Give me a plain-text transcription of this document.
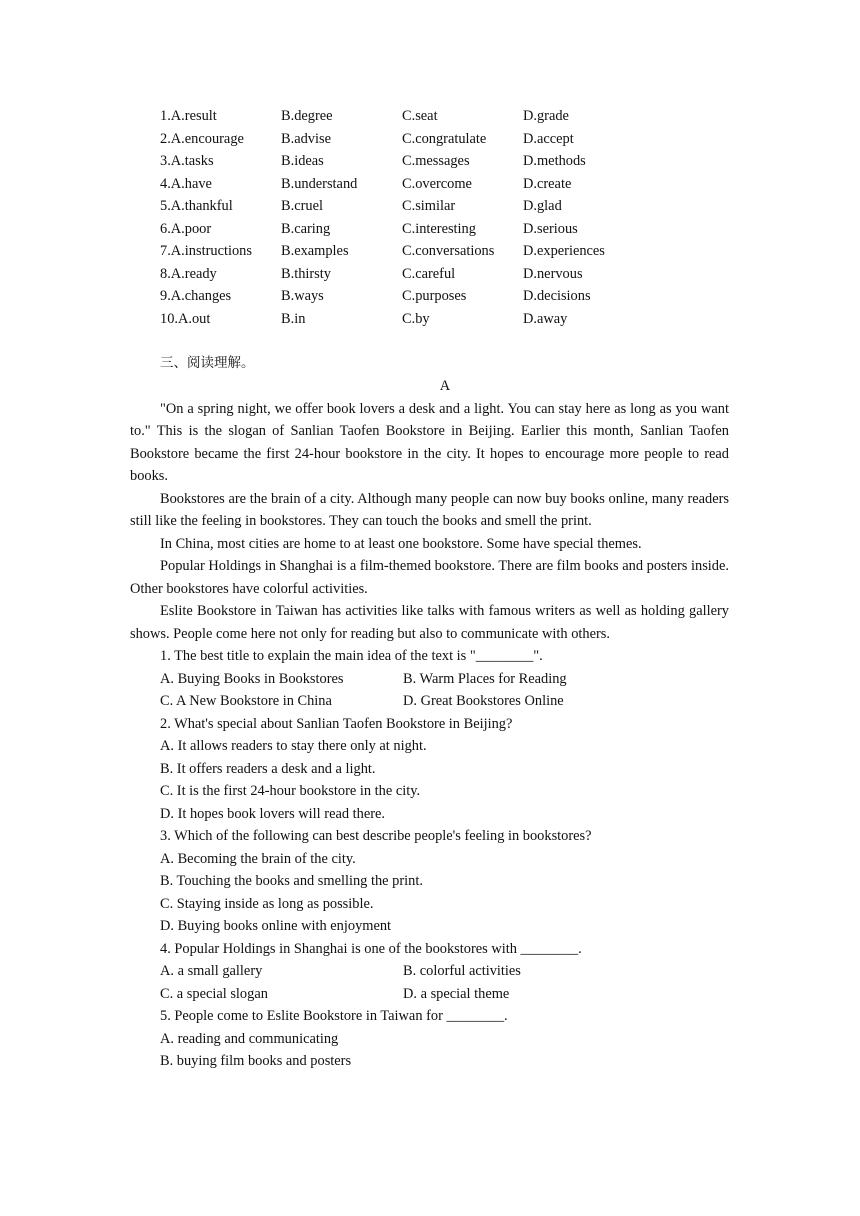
1.A.result	B.degree	C.seat	D.grade
2.A.encourage	B.advise	C.congratulate	D.accept
3.A.tasks	B.ideas	C.messages	D.methods
4.A.have	B.understand	C.overcome	D.create
5.A.thankful	B.cruel	C.similar	D.glad
6.A.poor	B.caring	C.interesting	D.serious
7.A.instructions	B.examples	C.conversations	D.experiences
8.A.ready	B.thirsty	C.careful	D.nervous
9.A.changes	B.ways	C.purposes	D.decisions
10.A.out	B.in	C.by	D.away
三、阅读理解。
A

"On a spring night, we offer book lovers a desk and a light. You can stay here as long as you want to." This is the slogan of Sanlian Taofen Bookstore in Beijing. Earlier this month, Sanlian Taofen Bookstore became the first 24-hour bookstore in the city. It hopes to encourage more people to read books.

Bookstores are the brain of a city. Although many people can now buy books online, many readers still like the feeling in bookstores. They can touch the books and smell the print.

In China, most cities are home to at least one bookstore. Some have special themes.

Popular Holdings in Shanghai is a film-themed bookstore. There are film books and posters inside. Other bookstores have colorful activities.

Eslite Bookstore in Taiwan has activities like talks with famous writers as well as holding gallery shows. People come here not only for reading but also to communicate with others.

1. The best title to explain the main idea of the text is "________".

A. Buying Books in Bookstores	B. Warm Places for Reading
C. A New Bookstore in China	D. Great Bookstores Online

2. What's special about Sanlian Taofen Bookstore in Beijing?

A. It allows readers to stay there only at night.

B. It offers readers a desk and a light.

C. It is the first 24-hour bookstore in the city.

D. It hopes book lovers will read there.

3. Which of the following can best describe people's feeling in bookstores?

A. Becoming the brain of the city.

B. Touching the books and smelling the print.

C. Staying inside as long as possible.

D. Buying books online with enjoyment

4. Popular Holdings in Shanghai is one of the bookstores with ________.

A. a small gallery	B. colorful activities
C. a special slogan	D. a special theme

5. People come to Eslite Bookstore in Taiwan for ________.

A. reading and communicating

B. buying film books and posters
